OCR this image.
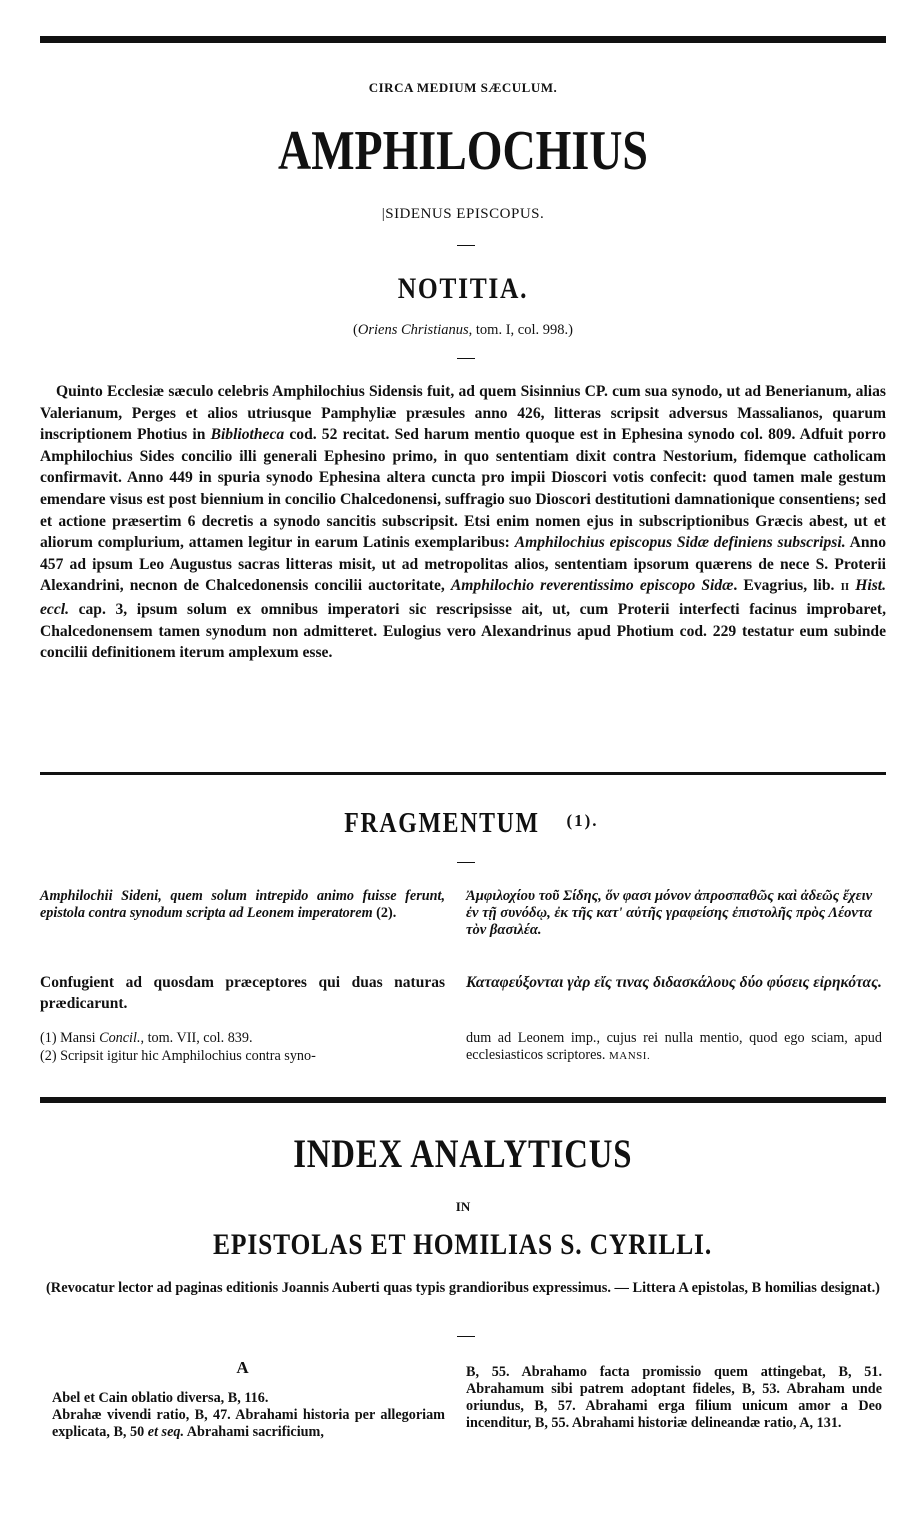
CIRCA MEDIUM SÆCULUM.
AMPHILOCHIUS
|SIDENUS EPISCOPUS.
NOTITIA.
(Oriens Christianus, tom. I, col. 998.)
Quinto Ecclesiæ sæculo celebris Amphilochius Sidensis fuit, ad quem Sisinnius CP. cum sua synodo, ut ad Benerianum, alias Valerianum, Perges et alios utriusque Pamphyliæ præsules anno 426, litteras scripsit adversus Massalianos, quarum inscriptionem Photius in Bibliotheca cod. 52 recitat. Sed harum mentio quoque est in Ephesina synodo col. 809. Adfuit porro Amphilochius Sides concilio illi generali Ephesino primo, in quo sententiam dixit contra Nestorium, fidemque catholicam confirmavit. Anno 449 in spuria synodo Ephesina altera cuncta pro impii Dioscori votis confecit: quod tamen male gestum emendare visus est post biennium in concilio Chalcedonensi, suffragio suo Dioscori destitutioni damnationique consentiens; sed et actione præsertim 6 decretis a synodo sancitis subscripsit. Etsi enim nomen ejus in subscriptionibus Græcis abest, ut et aliorum complurium, attamen legitur in earum Latinis exemplaribus: Amphilochius episcopus Sidæ definiens subscripsi. Anno 457 ad ipsum Leo Augustus sacras litteras misit, ut ad metropolitas alios, sententiam ipsorum quærens de nece S. Proterii Alexandrini, necnon de Chalcedonensis concilii auctoritate, Amphilochio reverentissimo episcopo Sidæ. Evagrius, lib. II Hist. eccl. cap. 3, ipsum solum ex omnibus imperatori sic rescripsisse ait, ut, cum Proterii interfecti facinus improbaret, Chalcedonensem tamen synodum non admitteret. Eulogius vero Alexandrinus apud Photium cod. 229 testatur eum subinde concilii definitionem iterum amplexum esse.
FRAGMENTUM $^{(1).}$
Amphilochii Sideni, quem solum intrepido animo fuisse ferunt, epistola contra synodum scripta ad Leonem imperatorem (2).
Ἀμφιλοχίου τοῦ Σίδης, ὅν φασι μόνον ἀπροσπαθῶς καὶ ἀδεῶς ἔχειν ἐν τῇ συνόδῳ, ἐκ τῆς κατ' αὐτῆς γραφείσης ἐπιστολῆς πρὸς Λέοντα τὸν βασιλέα.
Confugient ad quosdam præceptores qui duas naturas prædicarunt.
Καταφεύξονται γὰρ εἴς τινας διδασκάλους δύο φύσεις εἰρηκότας.
(1) Mansi Concil., tom. VII, col. 839.
(2) Scripsit igitur hic Amphilochius contra syno-
dum ad Leonem imp., cujus rei nulla mentio, quod ego sciam, apud ecclesiasticos scriptores. MANSI.
INDEX ANALYTICUS
IN
EPISTOLAS ET HOMILIAS S. CYRILLI.
(Revocatur lector ad paginas editionis Joannis Auberti quas typis grandioribus expressimus. — Littera A epistolas, B homilias designat.)
A
Abel et Cain oblatio diversa, B, 116.
Abrahæ vivendi ratio, B, 47. Abrahami historia per allegoriam explicata, B, 50 et seq. Abrahami sacrificium,
B, 55. Abrahamo facta promissio quem attingebat, B, 51. Abrahamum sibi patrem adoptant fideles, B, 53. Abraham unde oriundus, B, 57. Abrahami erga filium unicum amor a Deo incenditur, B, 55. Abrahami historiæ delineandæ ratio, A, 131.
